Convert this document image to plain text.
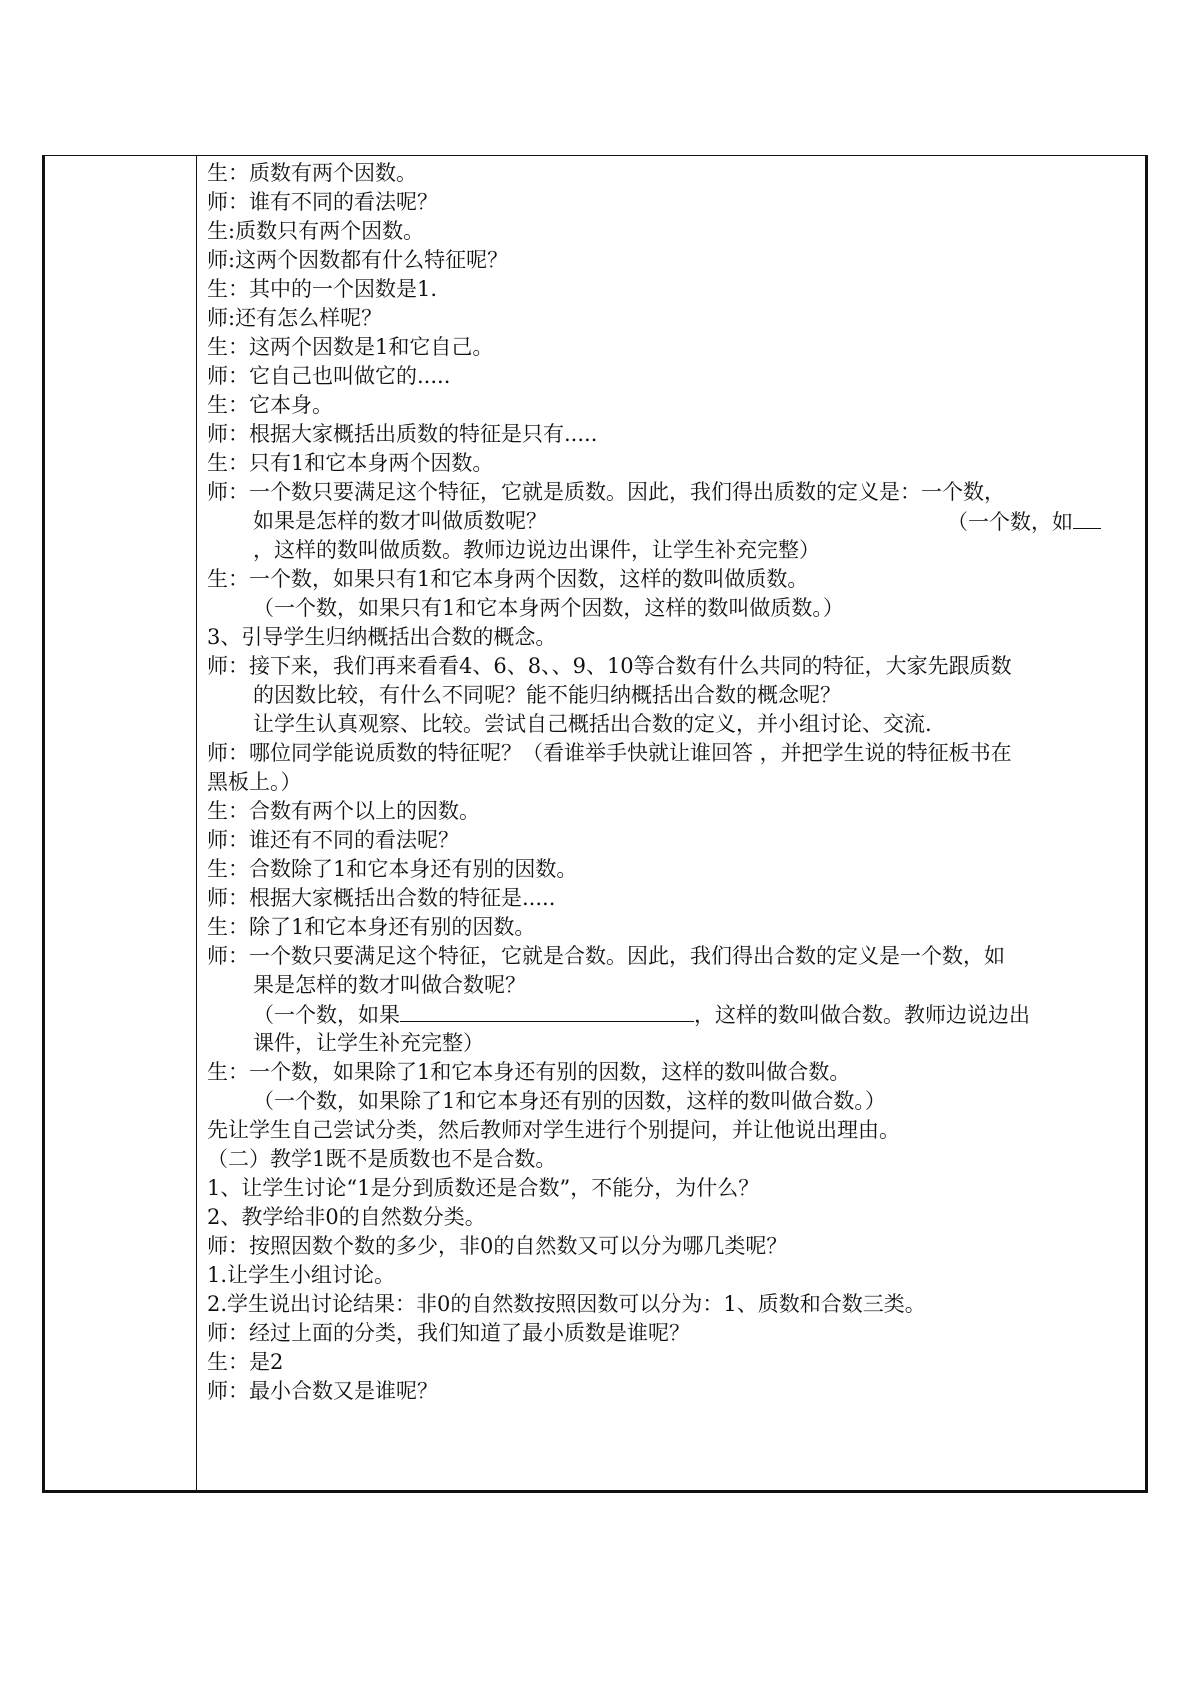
生：质数有两个因数。
师：谁有不同的看法呢？
生:质数只有两个因数。
师:这两个因数都有什么特征呢？
生：其中的一个因数是1.
师:还有怎么样呢？
生：这两个因数是1和它自己。
师：它自己也叫做它的.....
生：它本身。
师：根据大家概括出质数的特征是只有.....
生：只有1和它本身两个因数。
师：一个数只要满足这个特征，它就是质数。因此，我们得出质数的定义是：一个数，
如果是怎样的数才叫做质数呢？	（一个数，如
，这样的数叫做质数。教师边说边出课件，让学生补充完整）
生：一个数，如果只有1和它本身两个因数，这样的数叫做质数。
（一个数，如果只有1和它本身两个因数，这样的数叫做质数。）
3、引导学生归纳概括出合数的概念。
师：接下来，我们再来看看4、6、8、、9、10等合数有什么共同的特征，大家先跟质数
的因数比较，有什么不同呢？能不能归纳概括出合数的概念呢？
让学生认真观察、比较。尝试自己概括出合数的定义，并小组讨论、交流.
师：哪位同学能说质数的特征呢？（看谁举手快就让谁回答 ，并把学生说的特征板书在
黑板上。）
生：合数有两个以上的因数。
师：谁还有不同的看法呢？
生：合数除了1和它本身还有别的因数。
师：根据大家概括出合数的特征是.....
生：除了1和它本身还有别的因数。
师：一个数只要满足这个特征，它就是合数。因此，我们得出合数的定义是一个数，如
果是怎样的数才叫做合数呢？
（一个数，如果	，这样的数叫做合数。教师边说边出
课件，让学生补充完整）
生：一个数，如果除了1和它本身还有别的因数，这样的数叫做合数。
（一个数，如果除了1和它本身还有别的因数，这样的数叫做合数。）
先让学生自己尝试分类，然后教师对学生进行个别提问，并让他说出理由。
（二）教学1既不是质数也不是合数。
1、让学生讨论“1是分到质数还是合数”，不能分，为什么？
2、教学给非0的自然数分类。
师：按照因数个数的多少，非0的自然数又可以分为哪几类呢？
1.让学生小组讨论。
2.学生说出讨论结果：非0的自然数按照因数可以分为：1、质数和合数三类。
师：经过上面的分类，我们知道了最小质数是谁呢？
生：是2
师：最小合数又是谁呢？
